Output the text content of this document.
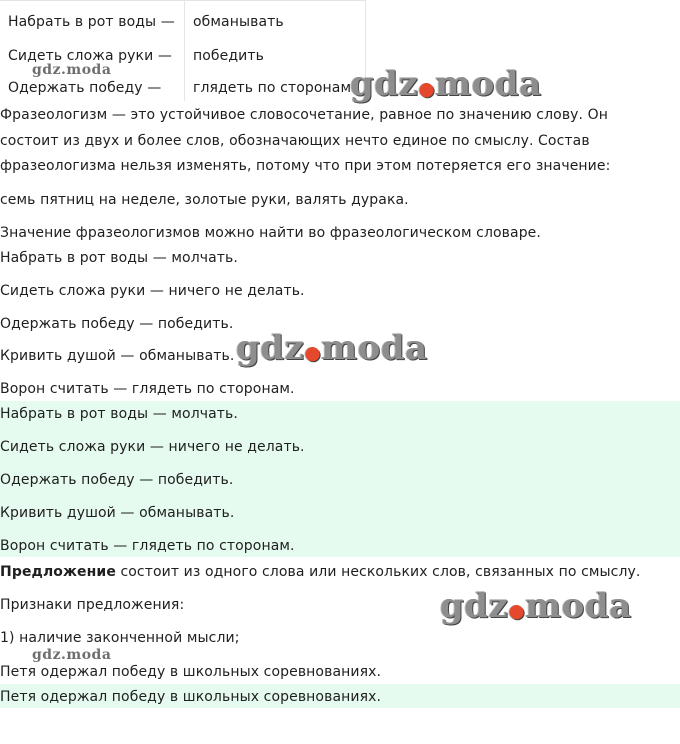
Набрать в рот воды — обманывать
Сидеть сложа руки — победить
Одержать победу — глядеть по сторонам
Фразеологизм — это устойчивое словосочетание, равное по значению слову. Он
состоит из двух и более слов, обозначающих нечто единое по смыслу. Состав
фразеологизма нельзя изменять, потому что при этом потеряется его значение:
семь пятниц на неделе, золотые руки, валять дурака.
Значение фразеологизмов можно найти во фразеологическом словаре.
Набрать в рот воды — молчать.
Сидеть сложа руки — ничего не делать.
Одержать победу — победить.
Кривить душой — обманывать.
Ворон считать — глядеть по сторонам.
Набрать в рот воды — молчать.
Сидеть сложа руки — ничего не делать.
Одержать победу — победить.
Кривить душой — обманывать.
Ворон считать — глядеть по сторонам.
Предложение состоит из одного слова или нескольких слов, связанных по смыслу.
Признаки предложения:
1) наличие законченной мысли;
Петя одержал победу в школьных соревнованиях.
Петя одержал победу в школьных соревнованиях.
gdz.moda	gdz●moda
gdz●moda
gdz●moda
gdz.moda
